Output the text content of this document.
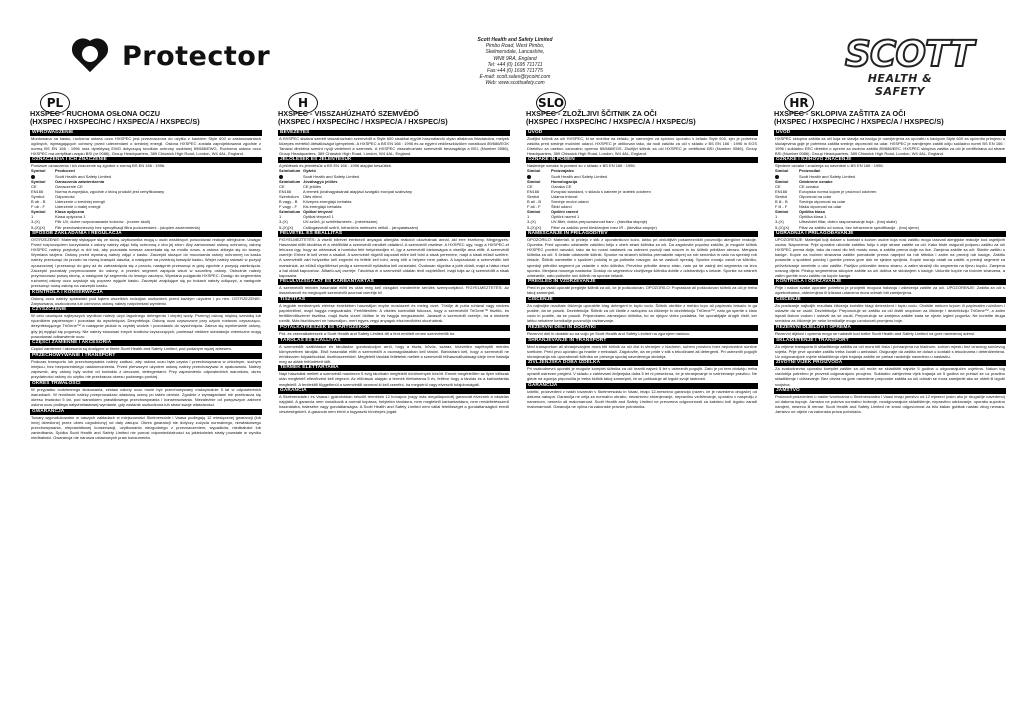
Protector
Scott Health and Safety Limited
Pimbo Road, West Pimbo,
Skelmersdale, Lancashire,
WN8 9RA, England
Tel: +44 (0) 1695 711711
Fax:+44 (0) 1695 711775
E-mail: scott.sales@tycoint.com
Web: www.scottsafety.com
SCOTT
HEALTH & SAFETY
PL
HXSPEC - RUCHOMA OSŁONA OCZU
(HXSPEC / HXSPEC/HC / HXSPEC/A / HXSPEC/S)
WPROWADZENIE
Montowana na kasku, ruchoma osłona oczu HXSPEC jest przeznaczona do użytku z kaskiem Style 600 w zastosowaniach ogólnych, wymagających ochrony przed uderzeniami o średniej energii. Osłona HXSPEC została zaprojektowana zgodnie z normą BS EN 166 : 1996 oraz dyrektywą EWG dotyczącą środków ochrony osobistej 89/686/EWG. Ruchoma osłona oczu HXSPEC ma certyfikat urzędu BSI (nr 0086), Group Headquarters, 389 Chiswick High Road, London, W4 4AL, England.
OZNACZENIA I ICH ZNACZENIE
Poniższe oznaczenia i ich znaczenie są zgodne z normą BS EN 166 : 1996.
Symbol	Producent
Scott Health and Safety Limited
Symbol	Oznaczenia zatwierdzenia
CE	Oznaczenie CE
EN166	Norma europejska, zgodnie z którą produkt jest certyfikowany
Symbol	Odporność
B ub - B	Uderzenie o średniej energii
F ub - F	Uderzenie o małej energii
Symbol	Klasa optyczna
1	Klasa optyczna 1
3-(X)	Filtr UV, dobre rozpoznawanie kolorów - (numer skali)
5-(X)(X)	Filtr przeciwsłoneczny bez specyfikacji filtra podczerwieni - (stopień zaciemnienia)
SPOSÓB ZAKŁADANIA I REGULACJA
OSTRZEŻENIE: Materiały stykające się ze skórą użytkownika mogą u osób wrażliwych powodować reakcje alergiczne. Uwaga: Przed rozpoczęciem korzystania z osłony należy zdjąć folię ochronną z obu jej stron. Aby zamocować osłonę ochronną, osłonę HXSPEC należy przyłożyć w dół tak, aby pozostała nowsza zaczekała się na modłu nowa, a osłona zblizyła się do twarzy. Wymiana wizjera: Osłonę przed wymianą należy zdjąć z kasku. Zaczepki służące do mocowania osłony ochronnej na kasku należy przesunąć do przodu na równą krawędź daszka, a następnie na przednią krawędź kasku. Wizjer należy ustawić w pozycji opuszczonej i przesunąć do góry aż do zatrzaśnięcia się z przodu, następnie przesunąć w górę zgodnie z pozycją zamknięcia. Zaczepki pozostały przymocowane do osłony, a przedni segment zapięcia wsuń w szczelinę osłony. Ostrożnie należy przymocować prawą stronę, a następnie tył segmentu do lewego zaczepu. Wymiana podgardla HXSPEC: Dostęp do segmentów ruchomej osłony oczu uzyskuje się poprzez wyjęcie kasku. Zaczepki znajdujące się po bokach należy odłączyć, a następnie przesunąć nową osłonę na zaczepki kasku.
KONTROLA I KONSERWACJA
Osłonę oczu należy sprawdzić pod kątem wszelkich rodzajów uszkodzeń przed każdym użyciem i po nim. OSTRZEŻENIE: Zarysowana, uszkodzona lub uderzona osłonę należy natychmiast wymienić.
CZYSZCZENIE
W celu usunięcia najlepszych wyników należy użyć łagodnego detergentu i ciepłej wody. Przemyj osłonę miękką szmatką lub ręcznikiem papierowym i pozostaw do wyschnięcia. Dezynfekcja: Osłonę oczu czyszczone przy użyciu roztworu czyszcząco-dezynfekującego TriGene™ a następnie płukać w czystej wodzie i pozostawić do wyschnięcia. Zaleca się wymienianie osłony, gdy jej wygląd się pogorszy. Nie należy stosować innych środków czyszczących, ponieważ niektóre substancje chemiczne mogą powodować odbarwienie oczu.
CZĘŚCI ZAMIENNE I AKCESORIA
Części zamienne i akcesoria są dostępne w firmie Scott Health and Safety Limited, pod podanym wyżej adresem.
PRZECHOWYWANIE I TRANSPORT
Podczas transportu lub przechowywania należy zadbać, aby osłona oczu była czysta i przechowywana w chłodnym, suchym miejscu, bez bezpośredniego nasłonecznienia. Przed pierwszym użyciem osłonę należy przechowywać w opakowaniu. Należy zapewnić, aby osłony były wolne od kontaktu z cieczami, detergentami. Przy zapewnieniu odpowiednich warunków, okres przydatności osłony do użytku nie przekracza okresu podanego poniżej.
OKRES TRWAŁOŚCI
W przypadku codziennego stosowania, zestaw osłony oczu może być przechowywany maksymalnie 5 lat w odpowiednich warunkach. W rezultacie należy przeprowadzać właściwą ocenę po takim okresie. Zgodnie z wymaganiami nie przekracza się okresu trwałości 5 lat, pod warunkiem prawidłowego przechowywania i konserwowania. Niezależnie od powyższych zaleceń osłona oczu podlega natychmiastowej wymianie, gdy zostanie uszkodzona lub straci swoje właściwości.
GWARANCJA
Towary wyprodukowane w naszych zakładach w miejscowości Skelmersdale i Vaasa podlegają 12 miesięcznej gwarancji (lub innej określonej przez okres uzgodniony) od daty zakupu. Okres gwarancji nie dotyczy zużycia normalnego, niewłaściwego przechowywania, nieprawidłowej konserwacji, użytkowania niezgodnego z przeznaczeniem, wypadków, niedbałości lub zaniedbania. Spółka Scott Health and Safety Limited nie ponosi odpowiedzialności za jakiekolwiek straty powstałe w wyniku niedbałości. Gwarancja nie narusza ustawowych praw konsumenta.
H
HXSPEC - VISSZAHÚZHATÓ SZEMVÉDŐ
(HXSPEC / HXSPEC/HC / HXSPEC/A / HXSPEC/S)
BEVEZETÉS
A HXSPEC sisakra szerelt visszahúzható szemvédő a Style 600 sisakkal együtt használandó olyan általános feladatokra, melyek közepes mértékű ütésállóságot igényelnek. A HXSPEC a BS EN 166 : 1996 és az egyéni védőeszközökre vonatkozó 89/686/EGK Tanácsi direktíva szerint nyújt védelmet a szemnek. A HXSPEC visszahúzható szemvédő bevizsgálója a BSI, (Number 0086), Group Headquarters, 389 Chiswick High Road, London, W4 4AL, England.
JELÖLÉSEK ÉS JELENTÉSÜK
A jelölések és jelentésük a BS EN 166 : 1996 alapján készültek.
Szimbólum Gyártó
Scott Health and Safety Limited
Szimbólum Jóváhagyó jelölés
CE	CE jelölés
EN166	A termék jóváhagyásának alapjául szolgáló európai szabvány
Szimbólum	Ütés elleni
B vagy - B	Közepes energiájú behatás
F vagy - F	Kis energiájú behatás
Szimbólum Optikai tényező
1	Optikai tényező 1
3-(X)	UV-szűrő, jó színfelismerés - (méretszám)
5-(X)(X)	Csillogásvédő szűrő, infravörös meleszés nélkül - (árnyalatszám)
FELVÉTEL ÉS BEÁLLÍTÁS
FIGYELMEZTETÉS: A viselő bőrével érintkező anyagok allergiás reakciót okozhatnak annál, aki erre érzékeny. Megjegyzés: Használat előtt távolítsa el a védőfóliát a szemvédő mindkét oldaláról. A szemvédő viselése: A HXSPEC úgy, hogy a HXSPEC-et lehúzza úgy, hogy az ortámával a homloka felé helyezkedjen el, így a szemvédő biztonságos a viselője arca előtt. A szemvédő cseréje: Ehhez le kell venni a sisakot. A szemvédő rögzítő kapcsait előre kell tolni a sisak peremére, majd a sisak elülső szélére. A szemvédőt zárt helyzetbe kell engedni és felfelé kell tolni, amíg elől a helyére nem pattan. A kapcsoknak a szemvédőn kell maradniuk, az elülső rögzítőrészt pedig a szemvédő nyílásába kell csúsztatni. Óvatosan rögzítse a jobb oldalt, majd a hátsó részt a bal oldali kapocshoz. Álltartó-szíj cseréje: Távolítsa el a szemvédő oldalán lévő csíptetőket, majd tolja az új szemvédőt a sisak kapcsaira.
FELÜLVIZSGÁLAT ÉS KARBANTARTÁS
A szemvédőt minden használat előtt és után meg kell vizsgálni mindenféle sérülés szempontjából. FIGYELMEZTETÉS: Az összekarcolt és megkopott szemvédőt azonnal cserélje ki!
TISZTÍTÁS
A legjobb eredmények elérése érdekében használjon enyhe mosószert és meleg vizet. Törölje át puha ruhával vagy nedves papírtörlővel, majd hagyja megszáradni. Fertőtlenítés: A viselés kontrollált fokozza, hogy a szemvédőt TriGene™ tisztító- és fertőtlenítőszerrel tisztítsa, majd tiszta vízzel öblítse le és hagyja megszáradni. Javasolt a szemvédő cseréje, ha a kinézete romlik. Más tisztítószert ne használjon, mert egyes vegyi anyagok elszíneződést okozhatnak.
PÓTALKATRÉSZEK ÉS TARTOZÉKOK
Pót- és cserealkatrészek a Scott Health and Safety Limited-től a fent említett címen szerezhetők be.
TÁROLÁS ÉS SZÁLLÍTÁS
A szemvédőt szállításkor és tároláskor gondoskodjon arról, hogy a tiszta, hűvös, száraz, közvetlen napfénytől mentes környezetben tárolják. Első használat előtt a szemvédőt a csomagolásában kell tárolni. Biztosítani kell, hogy a szemvédő ne érintkezzen folyadékokkal, tisztítószerekkel. Megfelelő tárolási feltételek mellett a szemvédő felhasználhatósági ideje nem haladja meg az alább feltüntetett időt.
TERMÉK ÉLETTARTAMA
Napi használat mellett a szemvédő maximum 5 évig tárolható megfelelő körülmények között. Ennek megfelelően az ilyen időszak után megfelelő ellenőrzést kell végezni. Az előírások alapján a termék élettartama 5 év, feltéve hogy a tárolás és a karbantartás megfelelő. A fentiektől függetlenül a szemvédőt azonnal ki kell cserélni, ha megsérül vagy elveszíti tulajdonságait.
GARANCIA
A Skelmersdale-i és Vaasa-i gyárainkban készült termékek 12 hónapos (vagy más megállapodott) garanciát élveznek a vásárlás napjától. A garancia nem vonatkozik a normál kopásra, helytelen tárolásra, nem megfelelő karbantartásra, nem rendeltetésszerű használatra, balesetre vagy gondatlanságra. A Scott Health and Safety Limited nem vállal felelősséget a gondatlanságból eredő veszteségekért. A garancia nem érinti a fogyasztó törvényes jogait.
SLO
HXSPEC - ZLOŽLJIVI ŠČITNIK ZA OČI
(HXSPEC / HXSPEC/HC / HXSPEC/A / HXSPEC/S)
UVOD
Zložljivi ščitnik za oči HXSPEC, ki se montira na čelado, je namenjen za splošno uporabo s čelado Style 600, kjer je potrebna zaščita pred srednje močnimi udarci. HXSPEC je oblikovan tako, da nudi zaščito za oči v skladu z BS EN 166 : 1996 in EGS Direktivo za osebno varovalno opremo 89/686/EGS. Zložljivi ščitnik za oči HXSPEC je certificiral BSI (Number 0086), Group Headquarters, 389 Chiswick High Road, London, W4 4AL, England.
OZNAKE IN POMEN
Naslednje oznake in pomeni so v skladu z BS EN 166 : 1996.
Simbol	Proizvajalec
Scott Health and Safety Limited
Simbol	Homologacija
CE	Oznaka CE
EN166	Evropski standard, v skladu s katerim je izdelek odobren
Simbol	Udarna trdnost
B ali - B	Srednje močni udarci
F ali - F	Šibki udarci
Simbol	Optični razred
1	Optični razred 1
3-(X)	UV-filter, dobra prepoznavnost barv - (številka stopnje)
5-(X)(X)	Filter za zaščito pred bleščanjem brez IR - (številka stopnje)
NAMEŠČANJE IN PRILAGODITEV
OPOZORILO: Materiali, ki pridejo v stik z uporabnikovo kožo, lahko pri občutljivih posameznikih povzročijo alergične reakcije. Opomba: Pred uporabo odstranite zaščitno folijo z obeh strani ščitnika za oči. Da zagotovite popolno zaščito, je mogoče ščitnik HXSPEC povleči navzdol, tako da bo nosni nastavek na ustrezni poziciji nad nosom in bo ščitnik približan obrazu. Menjava ščitnika za oči: S čelade odstranite ščitnik. Sponke na straneh ščitnika premaknite naprej na rob senčnika in nato na sprednji rob čelade. Ščitnik namestite v spuščen položaj in ga potisnite navzgor, da se zaskoči spredaj. Sponke morajo ostati na ščitniku, sprednji pritrdilni segment pa vstavite v režo ščitnika. Previdno pritrdite desno stran, nato pa še zadnji del segmenta na levo sponko. Menjava nosnega nastavka: Dostop do segmentov zložljivega ščitnika dobite z odstranitvijo s čelade. Sponke na straneh odstranite, nato potisnite nov ščitnik na sponke čelade.
PREGLED IN VZDRŽEVANJE
Pred in po vsaki uporabi preglejte ščitnik za oči, če je poškodovan. OPOZORILO: Popraskan ali poškodovan ščitnik za oči je treba takoj zamenjati.
ČIŠČENJE
Za najboljše rezultate čiščenja uporabite blag detergent in toplo vodo. Ščitnik obrišite z mehko krpo ali papirnato brisačo in ga pustite, da se posuši. Dezinfekcija: Ščitnik za oči čistite z raztopino za čiščenje in dezinfekcijo TriGene™, nato ga sperite s čisto vodo in pustite, da se posuši. Priporočamo zamenjavo ščitnika, ko se njegov videz poslabša. Ne uporabljajte drugih čistil, ker lahko nekatere kemikalije povzročijo razbarvanje.
REZERVNI DELI IN DODATKI
Rezervni deli in dodatki so na voljo pri Scott Health and Safety Limited na zgornjem naslovu.
SHRANJEVANJE IN TRANSPORT
Med transportom ali shranjevanjem mora biti ščitnik za oči čist in shranjen v hladnem, suhem prostoru brez neposredne sončne svetlobe. Pred prvo uporabo ga hranite v embalaži. Zagotovite, da ne pride v stik s tekočinami ali detergenti. Pri ustreznih pogojih shranjevanja rok uporabnosti ščitnika ne presega spodaj navedenega obdobja.
ŽIVLJENJSKA DOBA IZDELKA
Pri vsakodnevni uporabi je mogoče komplet ščitnika za oči hraniti največ 5 let v ustreznih pogojih. Zato je po tem obdobju treba opraviti ustrezen pregled. V skladu z zahtevami življenjska doba 5 let ni presežena, če je shranjevanje in vzdrževanje pravilno. Ne glede na zgornja priporočila je treba ščitnik takoj zamenjati, če se poškoduje ali izgubi svoje lastnosti.
GARANCIJA
Izdelki, proizvedeni v naših tovarnah v Skelmersdalu in Vaasi, imajo 12-mesečno garancijo (razen, če je navedeno drugače) od datuma nakupa. Garancija ne velja za normalno obrabo, neustrezno shranjevanje, nepravilno vzdrževanje, uporabo v nasprotju z namenom, nesrečo ali malomarnost. Scott Health and Safety Limited ne prevzema odgovornosti za kakršno koli izgubo zaradi malomarnosti. Garancija ne vpliva na zakonske pravice potrošnika.
HR
HXSPEC - SKLOPIVA ZAŠTITA ZA OČI
(HXSPEC / HXSPEC/HC / HXSPEC/A / HXSPEC/S)
UVOD
HXSPEC sklopiva zaštita za oči koja se stavlja na kacigu je namijenjena za uporabu s kacigom Style 600 za općenitu primjenu u slučajevima gdje je potrebna zaštita srednje otpornosti na udar. HXSPEC je namijenjen zaštiti očiju sukladno normi BS EN 166 : 1996 i sukladno EEC direktivi o opremi za osobnu zaštitu 89/686/EEC. HXSPEC sklopiva zaštita za oči je certificirana od strane BSI (Number 0086), Group Headquarters, 389 Chiswick High Road, London, W4 4AL, England.
OZNAKE I NJIHOVO ZNAČENJE
Sljedeće oznake i značenja su navedeni u BS EN 166 : 1996.
Simbol	Proizvođač
Scott Health and Safety Limited
Simbol	Odobrene oznake
CE	CE oznaka
EN166	Europska norma kojom je proizvod odobren
Simbol	Otpornost na udar
B ili - B	Srednja otpornost na udar
F ili - F	Niska otpornost na udar
Simbol	Optička klasa
1	Optička klasa 1
3-(X)	Ultraviolet filtar, dobro raspoznavanje boja - (broj skale)
5-(X)(X)	Filtar za zaštitu od sunca, bez infracrvene specifikacije - (broj sjene)
UGRADNJA I PRILAGOĐAVANJE
UPOZORENJE: Materijali koji dolaze u kontakt s kožom osobe koja nosi zaštitu mogu izazvati alergijske reakcije kod osjetljivih osoba. Napomena: Prije uporabe uklonite zaštitnu foliju s obje strane zaštite za oči. Kako biste osigurali potpunu zaštitu za oči HXSPEC prema dolje, tako da nosni dio leži mostu nosa, a zaštita prema dolje na lice. Zamjena zaštite za oči: Skinite zaštitu s kacige. Kopče na bočnim stranama zaštite pomaknite prema naprijed na rub štitnika i zatim na prednji rub kacige. Zaštitu postavite u spušteni položaj i gurnite prema gore dok ne sjedne sprijeda. Kopče moraju ostati na zaštiti, a prednji segment za pričvršćivanje umetnite u utor zaštite. Pažljivo pričvrstite desnu stranu, a zatim stražnji dio segmenta na lijevu kopču. Zamjena nosnog dijela: Pristup segmentima sklopive zaštite za oči dobiva se skidanjem s kacige. Uklonite kopče na bočnim stranama, a zatim gurnite novu zaštitu na kopče kacige.
KONTROLA I ODRŽAVANJE
Prije i nakon svake uporabe potrebno je provjeriti moguća habanja i oštećenja zaštite za oči. UPOZORENJE: Zaštita za oči s ogrebotinama, oštećenjima ili izlizana udarcima mora odmah biti zamijenjena.
ČIŠĆENJE
Za postizanje najboljih rezultata čišćenja koristite blagi deterdžent i toplu vodu. Obrišite mekom krpom ili papirnatim ručnikom i ostavite da se osuši. Dezinfekcija: Preporučuje se zaštitu za oči čistiti otopinom za čišćenje i dezinfekciju TriGene™, a zatim isprati čistom vodom i ostaviti da se osuši. Preporučuje se zamjena zaštite kada se njezin izgled pogorša. Ne koristite druga sredstva za čišćenje jer neke kemikalije mogu uzrokovati promjenu boje.
REZERVNI DIJELOVI I OPREMA
Rezervni dijelovi i oprema mogu se nabaviti kod tvrtke Scott Health and Safety Limited na gore navedenoj adresi.
SKLADIŠTENJE I TRANSPORT
Za vrijeme transporta ili skladištenja zaštita za oči mora biti čista i pohranjena na hladnom, suhom mjestu bez izravnog sunčevog svjetla. Prije prve uporabe zaštitu treba čuvati u ambalaži. Osigurajte da zaštita ne dolazi u kontakt s tekućinama i deterdžentima. Uz odgovarajuće uvjete skladištenja vijek trajanja zaštite ne prelazi razdoblje navedeno u nastavku.
ŽIVOTNI VIJEK PROIZVODA
Za svakodnevnu uporabu komplet zaštite za oči može se skladištiti najviše 5 godina u odgovarajućim uvjetima. Nakon tog razdoblja potrebno je provesti odgovarajuću procjenu. Sukladno zahtjevima vijek trajanja od 5 godina ne prelazi se uz pravilno skladištenje i održavanje. Bez obzira na gore navedene preporuke zaštita za oči odmah se mora zamijeniti ako se ošteti ili izgubi svojstva.
JAMSTVO
Proizvodi proizvedeni u našim tvornicama u Skelmersdaleu i Vaasi imaju jamstvo od 12 mjeseci (osim ako je drugačije navedeno) od datuma kupnje. Jamstvo ne pokriva normalno trošenje, neodgovarajuće skladištenje, nepravilno održavanje, uporabu suprotno namjeni, nesreću ili nemar. Scott Health and Safety Limited ne snosi odgovornost za bilo kakav gubitak nastao zbog nemara. Jamstvo ne utječe na zakonska prava potrošača.
